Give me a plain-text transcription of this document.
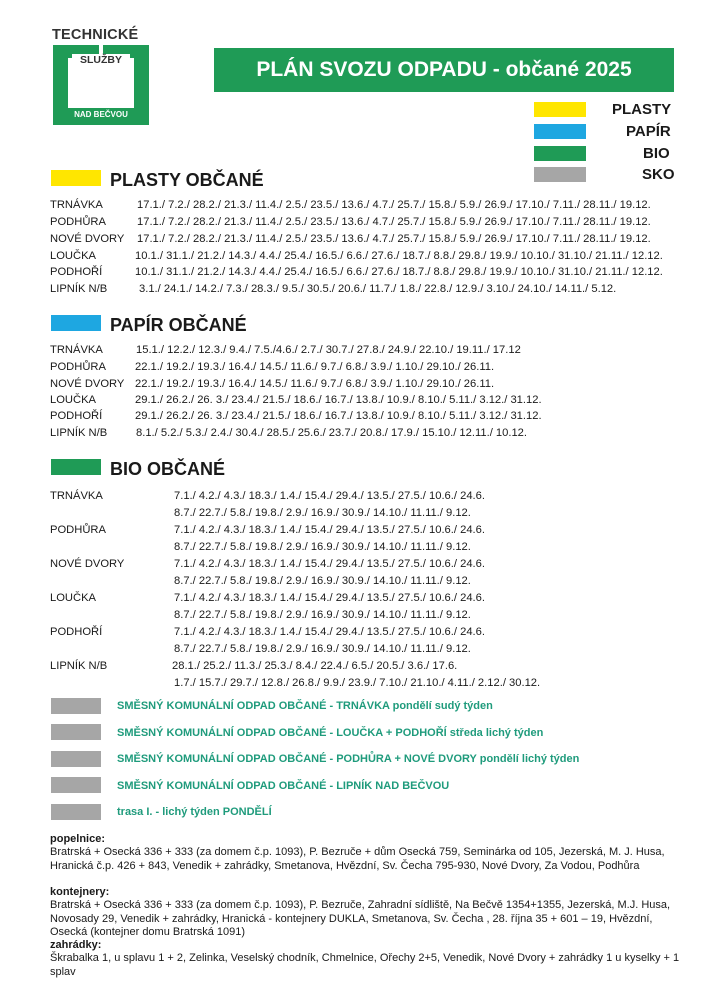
TECHNICKÉ
SLUŽBY
LIPNÍK
NAD BEČVOU
PLÁN SVOZU ODPADU - občané 2025
PLASTY
PAPÍR
BIO
SKO
PLASTY OBČANÉ
TRNÁVKA	17.1./ 7.2./ 28.2./ 21.3./ 11.4./ 2.5./ 23.5./ 13.6./ 4.7./ 25.7./ 15.8./ 5.9./ 26.9./ 17.10./ 7.11./ 28.11./ 19.12.
PODHŮRA	17.1./ 7.2./ 28.2./ 21.3./ 11.4./ 2.5./ 23.5./ 13.6./ 4.7./ 25.7./ 15.8./ 5.9./ 26.9./ 17.10./ 7.11./ 28.11./ 19.12.
NOVÉ DVORY 17.1./ 7.2./ 28.2./ 21.3./ 11.4./ 2.5./ 23.5./ 13.6./ 4.7./ 25.7./ 15.8./ 5.9./ 26.9./ 17.10./ 7.11./ 28.11./ 19.12.
LOUČKA	10.1./ 31.1./ 21.2./ 14.3./ 4.4./ 25.4./ 16.5./ 6.6./ 27.6./ 18.7./ 8.8./ 29.8./ 19.9./ 10.10./ 31.10./ 21.11./ 12.12.
PODHOŘÍ	10.1./ 31.1./ 21.2./ 14.3./ 4.4./ 25.4./ 16.5./ 6.6./ 27.6./ 18.7./ 8.8./ 29.8./ 19.9./ 10.10./ 31.10./ 21.11./ 12.12.
LIPNÍK N/B	3.1./ 24.1./ 14.2./ 7.3./ 28.3./ 9.5./ 30.5./ 20.6./ 11.7./ 1.8./ 22.8./ 12.9./ 3.10./ 24.10./ 14.11./ 5.12.
PAPÍR OBČANÉ
TRNÁVKA	15.1./ 12.2./ 12.3./ 9.4./ 7.5./4.6./ 2.7./ 30.7./ 27.8./ 24.9./ 22.10./ 19.11./ 17.12
PODHŮRA	22.1./ 19.2./ 19.3./ 16.4./ 14.5./ 11.6./ 9.7./ 6.8./ 3.9./ 1.10./ 29.10./ 26.11.
NOVÉ DVORY 22.1./ 19.2./ 19.3./ 16.4./ 14.5./ 11.6./ 9.7./ 6.8./ 3.9./ 1.10./ 29.10./ 26.11.
LOUČKA	29.1./ 26.2./ 26. 3./ 23.4./ 21.5./ 18.6./ 16.7./ 13.8./ 10.9./ 8.10./ 5.11./ 3.12./ 31.12.
PODHOŘÍ	29.1./ 26.2./ 26. 3./ 23.4./ 21.5./ 18.6./ 16.7./ 13.8./ 10.9./ 8.10./ 5.11./ 3.12./ 31.12.
LIPNÍK N/B	8.1./ 5.2./ 5.3./ 2.4./ 30.4./ 28.5./ 25.6./ 23.7./ 20.8./ 17.9./ 15.10./ 12.11./ 10.12.
BIO OBČANÉ
TRNÁVKA	7.1./ 4.2./ 4.3./ 18.3./ 1.4./ 15.4./ 29.4./ 13.5./ 27.5./ 10.6./ 24.6.
8.7./ 22.7./ 5.8./ 19.8./ 2.9./ 16.9./ 30.9./ 14.10./ 11.11./ 9.12.
PODHŮRA	7.1./ 4.2./ 4.3./ 18.3./ 1.4./ 15.4./ 29.4./ 13.5./ 27.5./ 10.6./ 24.6.
8.7./ 22.7./ 5.8./ 19.8./ 2.9./ 16.9./ 30.9./ 14.10./ 11.11./ 9.12.
NOVÉ DVORY	7.1./ 4.2./ 4.3./ 18.3./ 1.4./ 15.4./ 29.4./ 13.5./ 27.5./ 10.6./ 24.6.
8.7./ 22.7./ 5.8./ 19.8./ 2.9./ 16.9./ 30.9./ 14.10./ 11.11./ 9.12.
LOUČKA	7.1./ 4.2./ 4.3./ 18.3./ 1.4./ 15.4./ 29.4./ 13.5./ 27.5./ 10.6./ 24.6.
8.7./ 22.7./ 5.8./ 19.8./ 2.9./ 16.9./ 30.9./ 14.10./ 11.11./ 9.12.
PODHOŘÍ	7.1./ 4.2./ 4.3./ 18.3./ 1.4./ 15.4./ 29.4./ 13.5./ 27.5./ 10.6./ 24.6.
8.7./ 22.7./ 5.8./ 19.8./ 2.9./ 16.9./ 30.9./ 14.10./ 11.11./ 9.12.
LIPNÍK N/B	28.1./ 25.2./ 11.3./ 25.3./ 8.4./ 22.4./ 6.5./ 20.5./ 3.6./ 17.6.
1.7./ 15.7./ 29.7./ 12.8./ 26.8./ 9.9./ 23.9./ 7.10./ 21.10./ 4.11./ 2.12./ 30.12.
SMĚSNÝ KOMUNÁLNÍ ODPAD OBČANÉ - TRNÁVKA pondělí sudý týden
SMĚSNÝ KOMUNÁLNÍ ODPAD OBČANÉ - LOUČKA + PODHOŘÍ středa lichý týden
SMĚSNÝ KOMUNÁLNÍ ODPAD OBČANÉ - PODHŮRA + NOVÉ DVORY pondělí lichý týden
SMĚSNÝ KOMUNÁLNÍ ODPAD OBČANÉ - LIPNÍK NAD BEČVOU
trasa I. - lichý týden PONDĚLÍ
popelnice:
Bratrská + Osecká 336 + 333 (za domem č.p. 1093), P. Bezruče + dům Osecká 759, Seminárka od 105, Jezerská, M. J. Husa, Hranická č.p. 426 + 843, Venedik + zahrádky, Smetanova, Hvězdní, Sv. Čecha 795-930, Nové Dvory, Za Vodou, Podhůra
kontejnery:
Bratrská + Osecká 336 + 333 (za domem č.p. 1093), P. Bezruče, Zahradní sídliště, Na Bečvě 1354+1355, Jezerská, M.J. Husa, Novosady 29, Venedik + zahrádky, Hranická - kontejnery DUKLA, Smetanova, Sv. Čecha , 28. října 35 + 601 – 19, Hvězdní, Osecká (kontejner domu Bratrská 1091)
zahrádky:
Škrabalka 1, u splavu 1 + 2, Zelinka, Veselský chodník, Chmelnice, Ořechy 2+5, Venedik, Nové Dvory + zahrádky 1 u kyselky + 1 splav
